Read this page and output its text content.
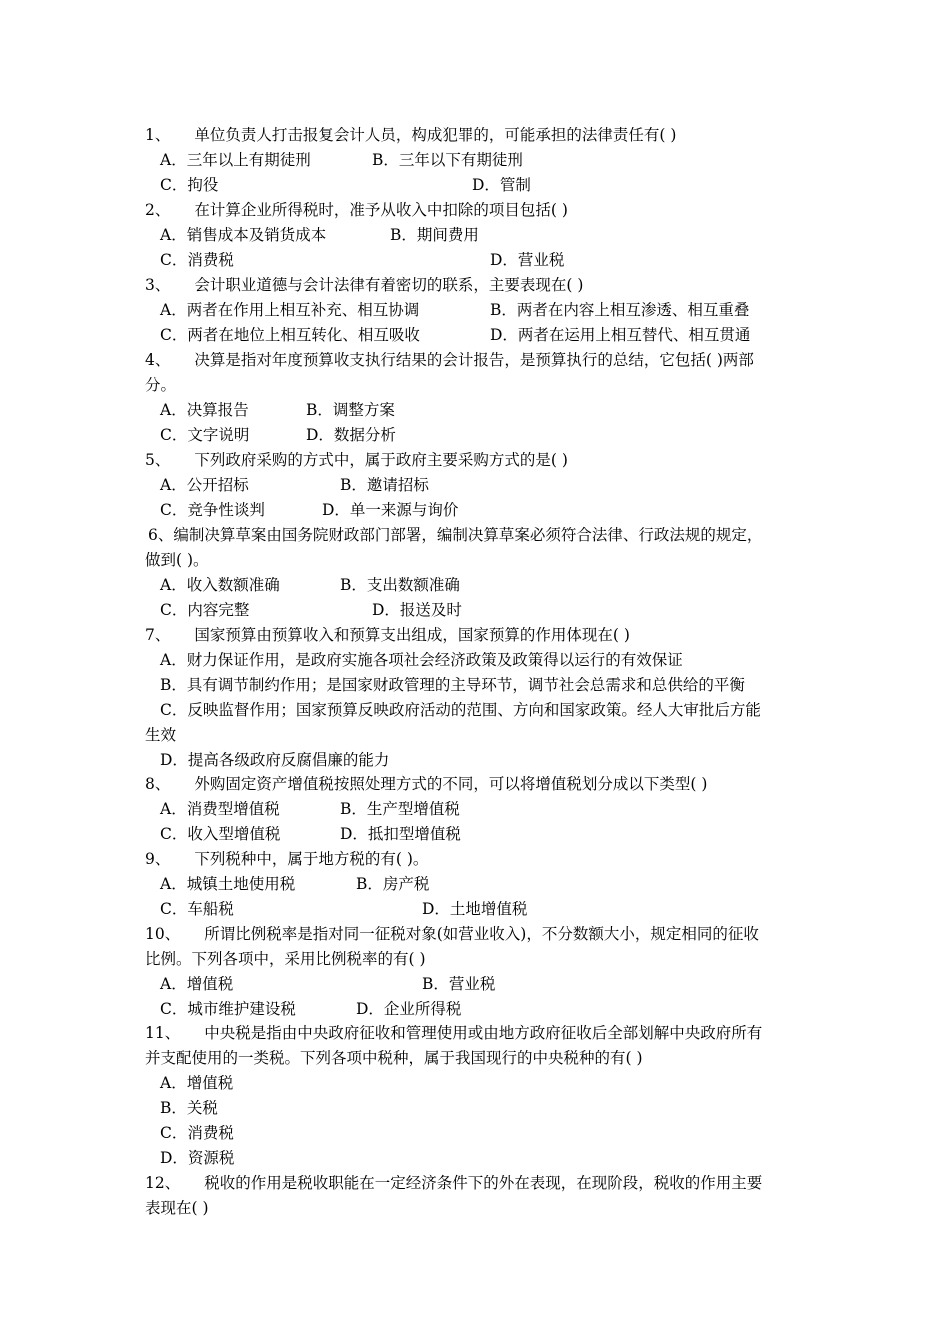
1、 单位负责人打击报复会计人员，构成犯罪的，可能承担的法律责任有( )
A．三年以上有期徒刑	B．三年以下有期徒刑
C．拘役	D．管制
2、 在计算企业所得税时，准予从收入中扣除的项目包括( )
A．销售成本及销货成本	B．期间费用
C．消费税	D．营业税
3、 会计职业道德与会计法律有着密切的联系，主要表现在( )
A．两者在作用上相互补充、相互协调	B．两者在内容上相互渗透、相互重叠
C．两者在地位上相互转化、相互吸收	D．两者在运用上相互替代、相互贯通
4、 决算是指对年度预算收支执行结果的会计报告，是预算执行的总结，它包括( )两部
分。
A．决算报告	B．调整方案
C．文字说明	D．数据分析
5、 下列政府采购的方式中，属于政府主要采购方式的是( )
A．公开招标	B．邀请招标
C．竞争性谈判	D．单一来源与询价
6、编制决算草案由国务院财政部门部署，编制决算草案必须符合法律、行政法规的规定，
做到( )。
A．收入数额准确	B．支出数额准确
C．内容完整	D．报送及时
7、 国家预算由预算收入和预算支出组成，国家预算的作用体现在( )
A．财力保证作用，是政府实施各项社会经济政策及政策得以运行的有效保证
B．具有调节制约作用；是国家财政管理的主导环节，调节社会总需求和总供给的平衡
C．反映监督作用；国家预算反映政府活动的范围、方向和国家政策。经人大审批后方能
生效
D．提高各级政府反腐倡廉的能力
8、 外购固定资产增值税按照处理方式的不同，可以将增值税划分成以下类型( )
A．消费型增值税	B．生产型增值税
C．收入型增值税	D．抵扣型增值税
9、 下列税种中，属于地方税的有( )。
A．城镇土地使用税	B．房产税
C．车船税	D．土地增值税
10、 所谓比例税率是指对同一征税对象(如营业收入)，不分数额大小，规定相同的征收
比例。下列各项中，采用比例税率的有( )
A．增值税	B．营业税
C．城市维护建设税	D．企业所得税
11、 中央税是指由中央政府征收和管理使用或由地方政府征收后全部划解中央政府所有
并支配使用的一类税。下列各项中税种，属于我国现行的中央税种的有( )
A．增值税
B．关税
C．消费税
D．资源税
12、 税收的作用是税收职能在一定经济条件下的外在表现，在现阶段，税收的作用主要
表现在( )
